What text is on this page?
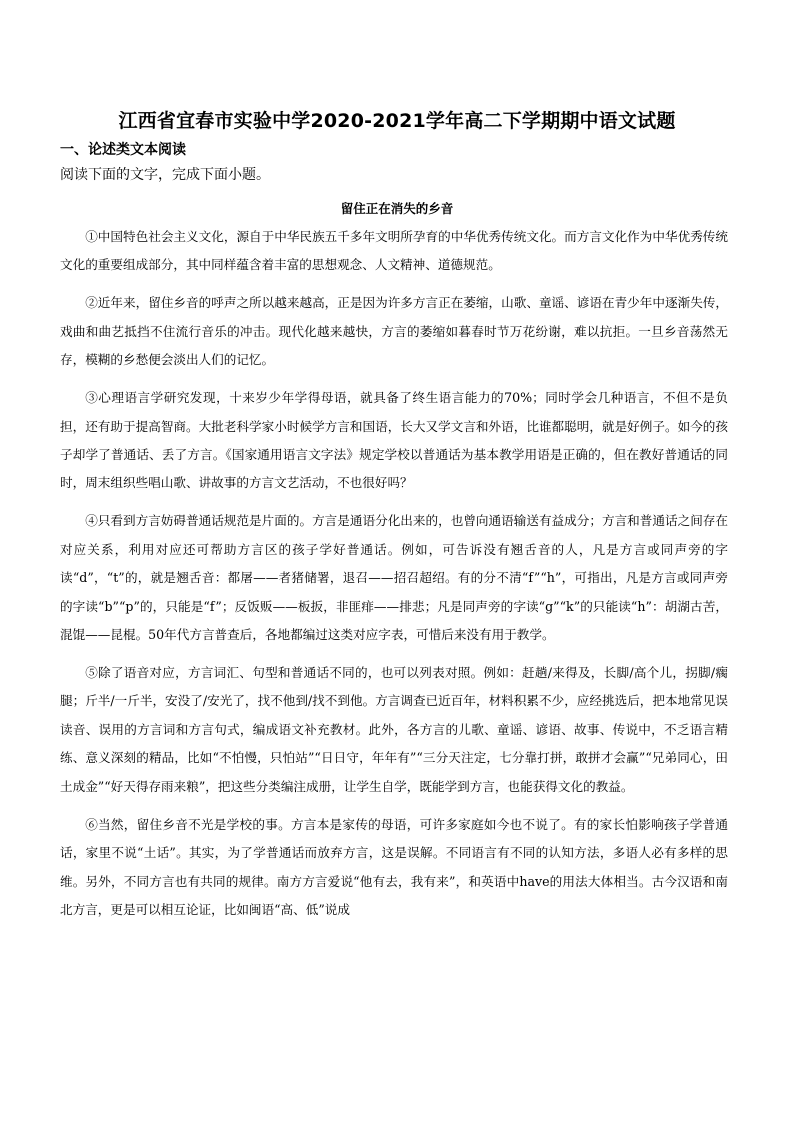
江西省宜春市实验中学2020-2021学年高二下学期期中语文试题
一、论述类文本阅读
阅读下面的文字，完成下面小题。
留住正在消失的乡音

①中国特色社会主义文化，源自于中华民族五千多年文明所孕育的中华优秀传统文化。而方言文化作为中华优秀传统文化的重要组成部分，其中同样蕴含着丰富的思想观念、人文精神、道德规范。

②近年来，留住乡音的呼声之所以越来越高，正是因为许多方言正在萎缩，山歌、童谣、谚语在青少年中逐渐失传，戏曲和曲艺抵挡不住流行音乐的冲击。现代化越来越快，方言的萎缩如暮春时节万花纷谢，难以抗拒。一旦乡音荡然无存，模糊的乡愁便会淡出人们的记忆。

③心理语言学研究发现，十来岁少年学得母语，就具备了终生语言能力的70%；同时学会几种语言，不但不是负担，还有助于提高智商。大批老科学家小时候学方言和国语，长大又学文言和外语，比谁都聪明，就是好例子。如今的孩子却学了普通话、丢了方言。《国家通用语言文字法》规定学校以普通话为基本教学用语是正确的，但在教好普通话的同时，周末组织些唱山歌、讲故事的方言文艺活动，不也很好吗？

④只看到方言妨碍普通话规范是片面的。方言是通语分化出来的，也曾向通语输送有益成分；方言和普通话之间存在对应关系，利用对应还可帮助方言区的孩子学好普通话。例如，可告诉没有翘舌音的人，凡是方言或同声旁的字读“d”，“t”的，就是翘舌音：都屠——者猪储署，退召——招召超绍。有的分不清“f”“h”，可指出，凡是方言或同声旁的字读“b”“p”的，只能是“f”；反饭贩——板扳，非匪痱——排悲；凡是同声旁的字读“g”“k”的只能读“h”：胡湖古苦，混馄——昆棍。50年代方言普查后，各地都编过这类对应字表，可惜后来没有用于教学。

⑤除了语音对应，方言词汇、句型和普通话不同的，也可以列表对照。例如：赶趟/来得及，长脚/高个儿，拐脚/瘸腿；斤半/一斤半，安没了/安光了，找不他到/找不到他。方言调查已近百年，材料积累不少，应经挑选后，把本地常见误读音、误用的方言词和方言句式，编成语文补充教材。此外，各方言的儿歌、童谣、谚语、故事、传说中，不乏语言精练、意义深刻的精品，比如“不怕慢，只怕站”“日日守，年年有”“三分天注定，七分靠打拼，敢拼才会赢”“兄弟同心，田土成金”“好天得存雨来粮”，把这些分类编注成册，让学生自学，既能学到方言，也能获得文化的教益。

⑥当然，留住乡音不光是学校的事。方言本是家传的母语，可许多家庭如今也不说了。有的家长怕影响孩子学普通话，家里不说“土话”。其实，为了学普通话而放弃方言，这是误解。不同语言有不同的认知方法，多语人必有多样的思维。另外，不同方言也有共同的规律。南方方言爱说“他有去，我有来”，和英语中have的用法大体相当。古今汉语和南北方言，更是可以相互论证，比如闽语“高、低”说成
